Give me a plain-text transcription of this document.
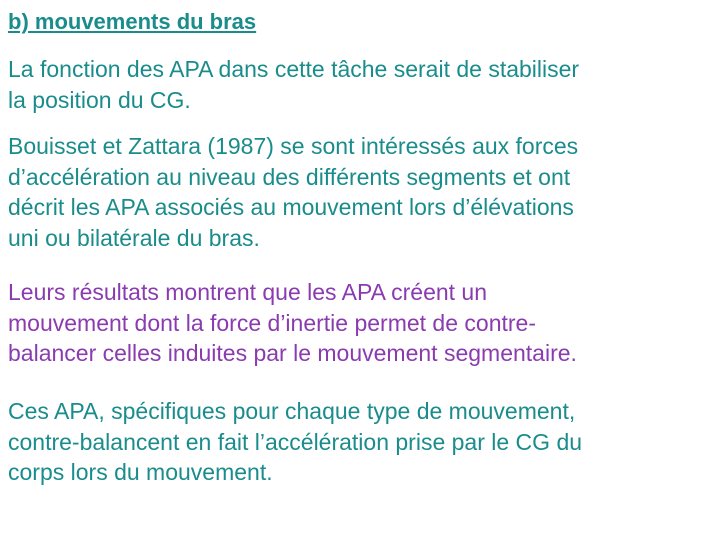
b) mouvements du bras
La fonction des APA dans cette tâche serait de stabiliser
la position du CG.
Bouisset et Zattara (1987) se sont intéressés aux forces
d’accélération au niveau des différents segments et ont
décrit les APA associés au mouvement lors d’élévations
uni ou bilatérale du bras.
Leurs résultats montrent que les APA créent un
mouvement dont la force d’inertie permet de contre-
balancer celles induites par le mouvement segmentaire.
Ces APA, spécifiques pour chaque type de mouvement,
contre-balancent en fait l’accélération prise par le CG du
corps lors du mouvement.
